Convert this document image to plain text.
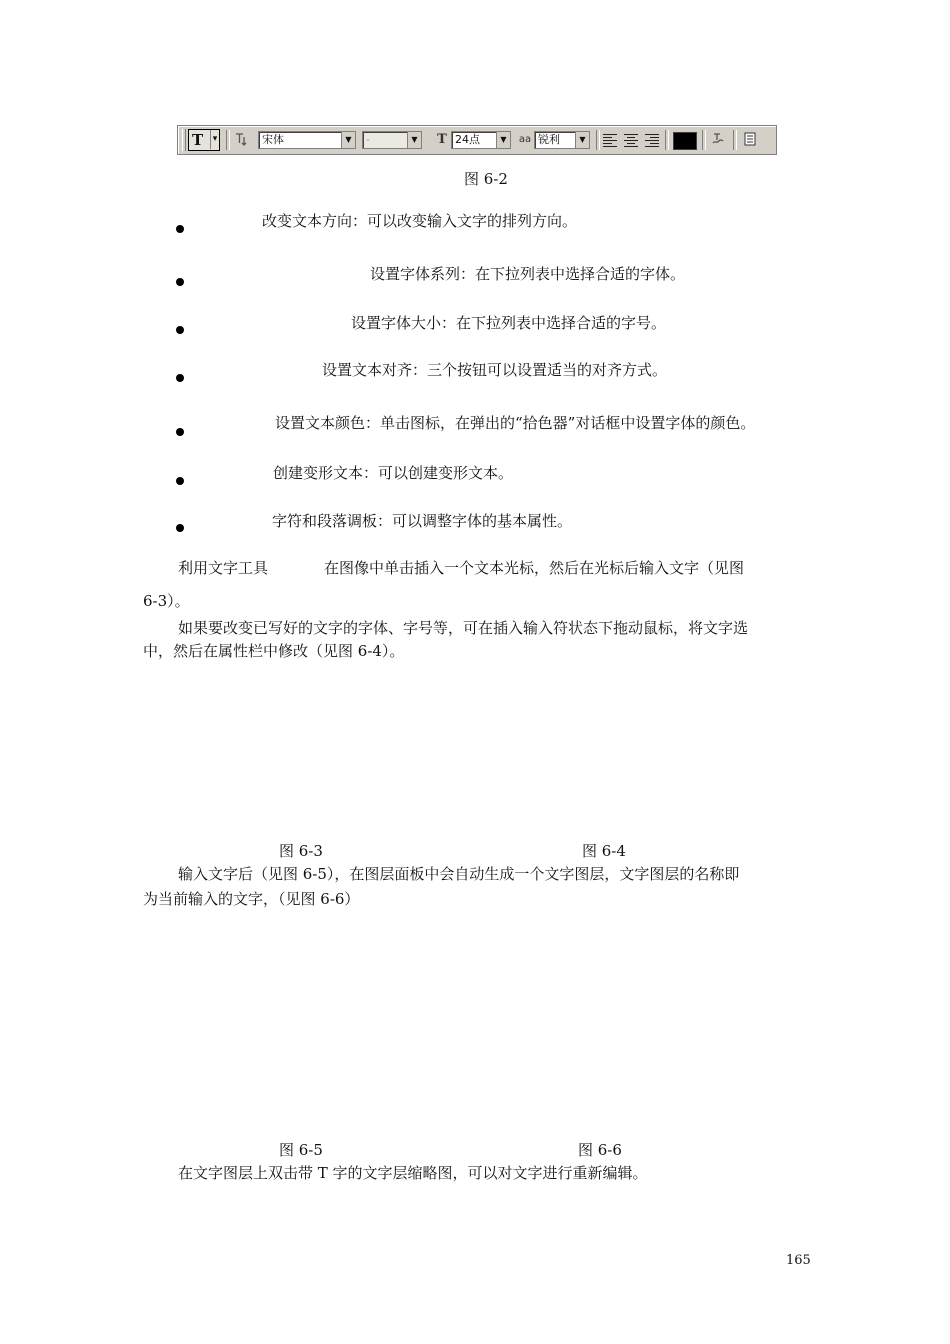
T	▾	宋体	▼	-	▼ T 24点	▼	aa 锐利	▼
图 6-2
改变文本方向：可以改变输入文字的排列方向。
设置字体系列：在下拉列表中选择合适的字体。
设置字体大小：在下拉列表中选择合适的字号。
设置文本对齐：三个按钮可以设置适当的对齐方式。
设置文本颜色：单击图标，在弹出的“拾色器”对话框中设置字体的颜色。
创建变形文本：可以创建变形文本。
字符和段落调板：可以调整字体的基本属性。
利用文字工具	在图像中单击插入一个文本光标，然后在光标后输入文字（见图
6-3）。
如果要改变已写好的文字的字体、字号等，可在插入输入符状态下拖动鼠标，将文字选
中，然后在属性栏中修改（见图 6-4）。
图 6-3	图 6-4
输入文字后（见图 6-5），在图层面板中会自动生成一个文字图层，文字图层的名称即
为当前输入的文字，（见图 6-6）
图 6-5	图 6-6
在文字图层上双击带 T 字的文字层缩略图，可以对文字进行重新编辑。
165
